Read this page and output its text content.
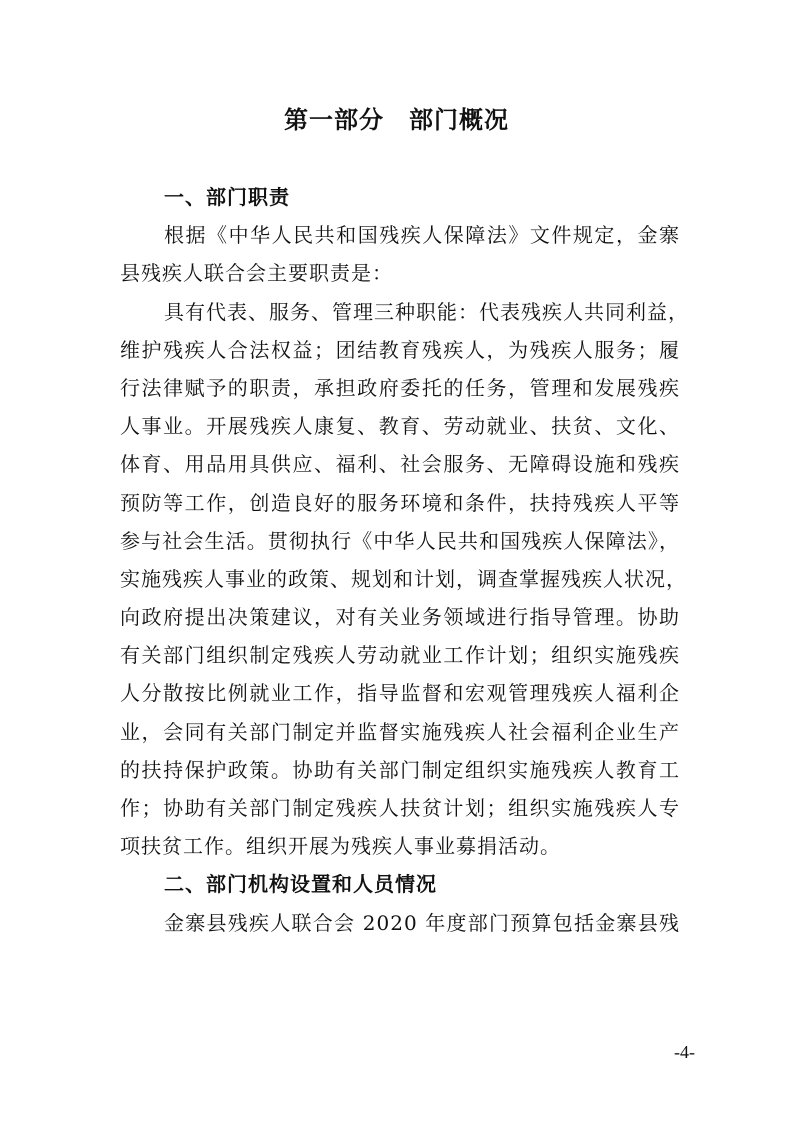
第一部分　部门概况
一、部门职责
根据《中华人民共和国残疾人保障法》文件规定，金寨
县残疾人联合会主要职责是：
具有代表、服务、管理三种职能：代表残疾人共同利益，
维护残疾人合法权益；团结教育残疾人，为残疾人服务；履
行法律赋予的职责，承担政府委托的任务，管理和发展残疾
人事业。开展残疾人康复、教育、劳动就业、扶贫、文化、
体育、用品用具供应、福利、社会服务、无障碍设施和残疾
预防等工作，创造良好的服务环境和条件，扶持残疾人平等
参与社会生活。贯彻执行《中华人民共和国残疾人保障法》，
实施残疾人事业的政策、规划和计划，调查掌握残疾人状况，
向政府提出决策建议，对有关业务领域进行指导管理。协助
有关部门组织制定残疾人劳动就业工作计划；组织实施残疾
人分散按比例就业工作，指导监督和宏观管理残疾人福利企
业，会同有关部门制定并监督实施残疾人社会福利企业生产
的扶持保护政策。协助有关部门制定组织实施残疾人教育工
作；协助有关部门制定残疾人扶贫计划；组织实施残疾人专
项扶贫工作。组织开展为残疾人事业募捐活动。
二、部门机构设置和人员情况
金寨县残疾人联合会 2020 年度部门预算包括金寨县残
-4-
